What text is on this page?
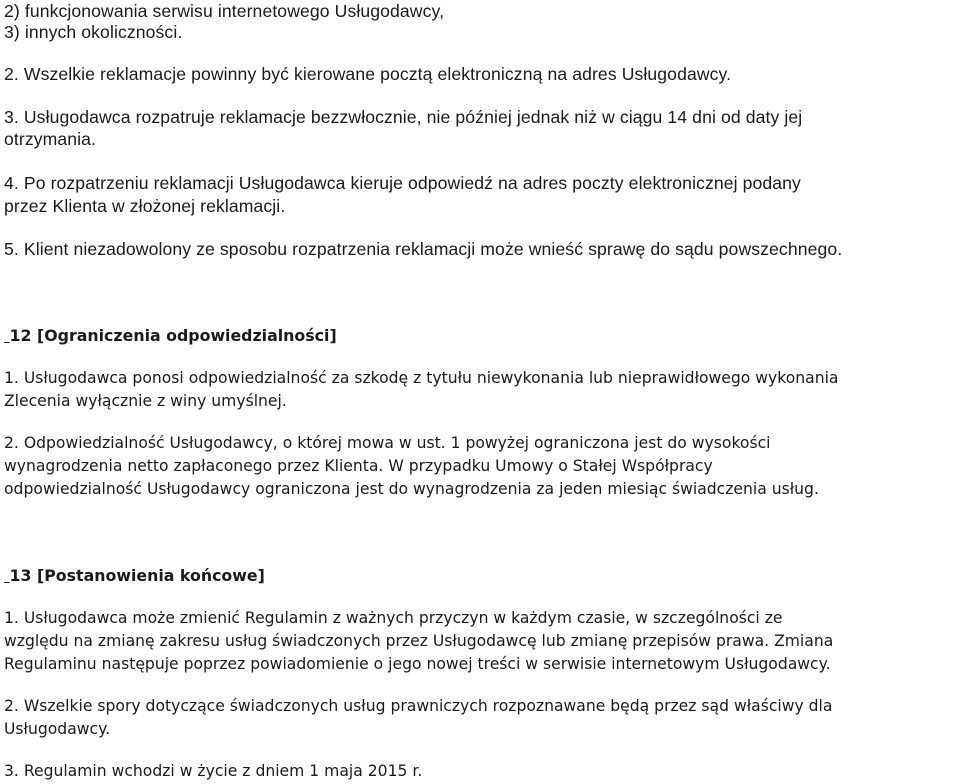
2) funkcjonowania serwisu internetowego Usługodawcy,
3) innych okoliczności.
2. Wszelkie reklamacje powinny być kierowane pocztą elektroniczną na adres Usługodawcy.
3. Usługodawca rozpatruje reklamacje bezzwłocznie, nie później jednak niż w ciągu 14 dni od daty jej
otrzymania.
4. Po rozpatrzeniu reklamacji Usługodawca kieruje odpowiedź na adres poczty elektronicznej podany
przez Klienta w złożonej reklamacji.
5. Klient niezadowolony ze sposobu rozpatrzenia reklamacji może wnieść sprawę do sądu powszechnego.
12 [Ograniczenia odpowiedzialności]
1. Usługodawca ponosi odpowiedzialność za szkodę z tytułu niewykonania lub nieprawidłowego wykonania
Zlecenia wyłącznie z winy umyślnej.
2. Odpowiedzialność Usługodawcy, o której mowa w ust. 1 powyżej ograniczona jest do wysokości
wynagrodzenia netto zapłaconego przez Klienta. W przypadku Umowy o Stałej Współpracy
odpowiedzialność Usługodawcy ograniczona jest do wynagrodzenia za jeden miesiąc świadczenia usług.
13 [Postanowienia końcowe]
1. Usługodawca może zmienić Regulamin z ważnych przyczyn w każdym czasie, w szczególności ze
względu na zmianę zakresu usług świadczonych przez Usługodawcę lub zmianę przepisów prawa. Zmiana
Regulaminu następuje poprzez powiadomienie o jego nowej treści w serwisie internetowym Usługodawcy.
2. Wszelkie spory dotyczące świadczonych usług prawniczych rozpoznawane będą przez sąd właściwy dla
Usługodawcy.
3. Regulamin wchodzi w życie z dniem 1 maja 2015 r.
